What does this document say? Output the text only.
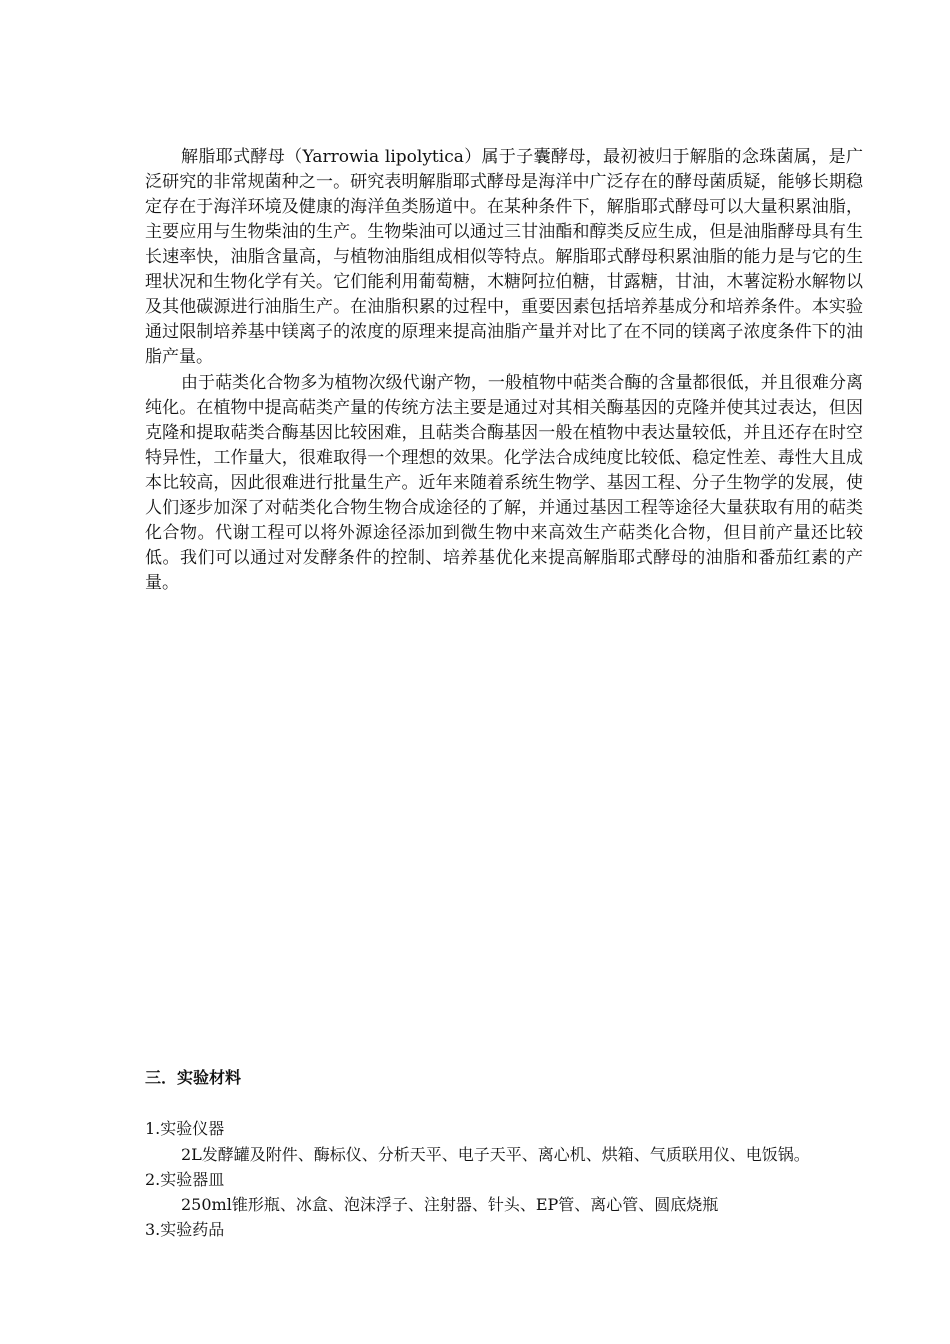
解脂耶式酵母（Yarrowia lipolytica）属于子囊酵母，最初被归于解脂的念珠菌属，是广泛研究的非常规菌种之一。研究表明解脂耶式酵母是海洋中广泛存在的酵母菌质疑，能够长期稳定存在于海洋环境及健康的海洋鱼类肠道中。在某种条件下，解脂耶式酵母可以大量积累油脂，主要应用与生物柴油的生产。生物柴油可以通过三甘油酯和醇类反应生成，但是油脂酵母具有生长速率快，油脂含量高，与植物油脂组成相似等特点。解脂耶式酵母积累油脂的能力是与它的生理状况和生物化学有关。它们能利用葡萄糖，木糖阿拉伯糖，甘露糖，甘油，木薯淀粉水解物以及其他碳源进行油脂生产。在油脂积累的过程中，重要因素包括培养基成分和培养条件。本实验通过限制培养基中镁离子的浓度的原理来提高油脂产量并对比了在不同的镁离子浓度条件下的油脂产量。

由于萜类化合物多为植物次级代谢产物，一般植物中萜类合酶的含量都很低，并且很难分离纯化。在植物中提高萜类产量的传统方法主要是通过对其相关酶基因的克隆并使其过表达，但因克隆和提取萜类合酶基因比较困难，且萜类合酶基因一般在植物中表达量较低，并且还存在时空特异性，工作量大，很难取得一个理想的效果。化学法合成纯度比较低、稳定性差、毒性大且成本比较高，因此很难进行批量生产。近年来随着系统生物学、基因工程、分子生物学的发展，使人们逐步加深了对萜类化合物生物合成途径的了解，并通过基因工程等途径大量获取有用的萜类化合物。代谢工程可以将外源途径添加到微生物中来高效生产萜类化合物，但目前产量还比较低。我们可以通过对发酵条件的控制、培养基优化来提高解脂耶式酵母的油脂和番茄红素的产量。

三．实验材料

1.实验仪器

2L发酵罐及附件、酶标仪、分析天平、电子天平、离心机、烘箱、气质联用仪、电饭锅。

2.实验器皿

250ml锥形瓶、冰盒、泡沫浮子、注射器、针头、EP管、离心管、圆底烧瓶

3.实验药品
